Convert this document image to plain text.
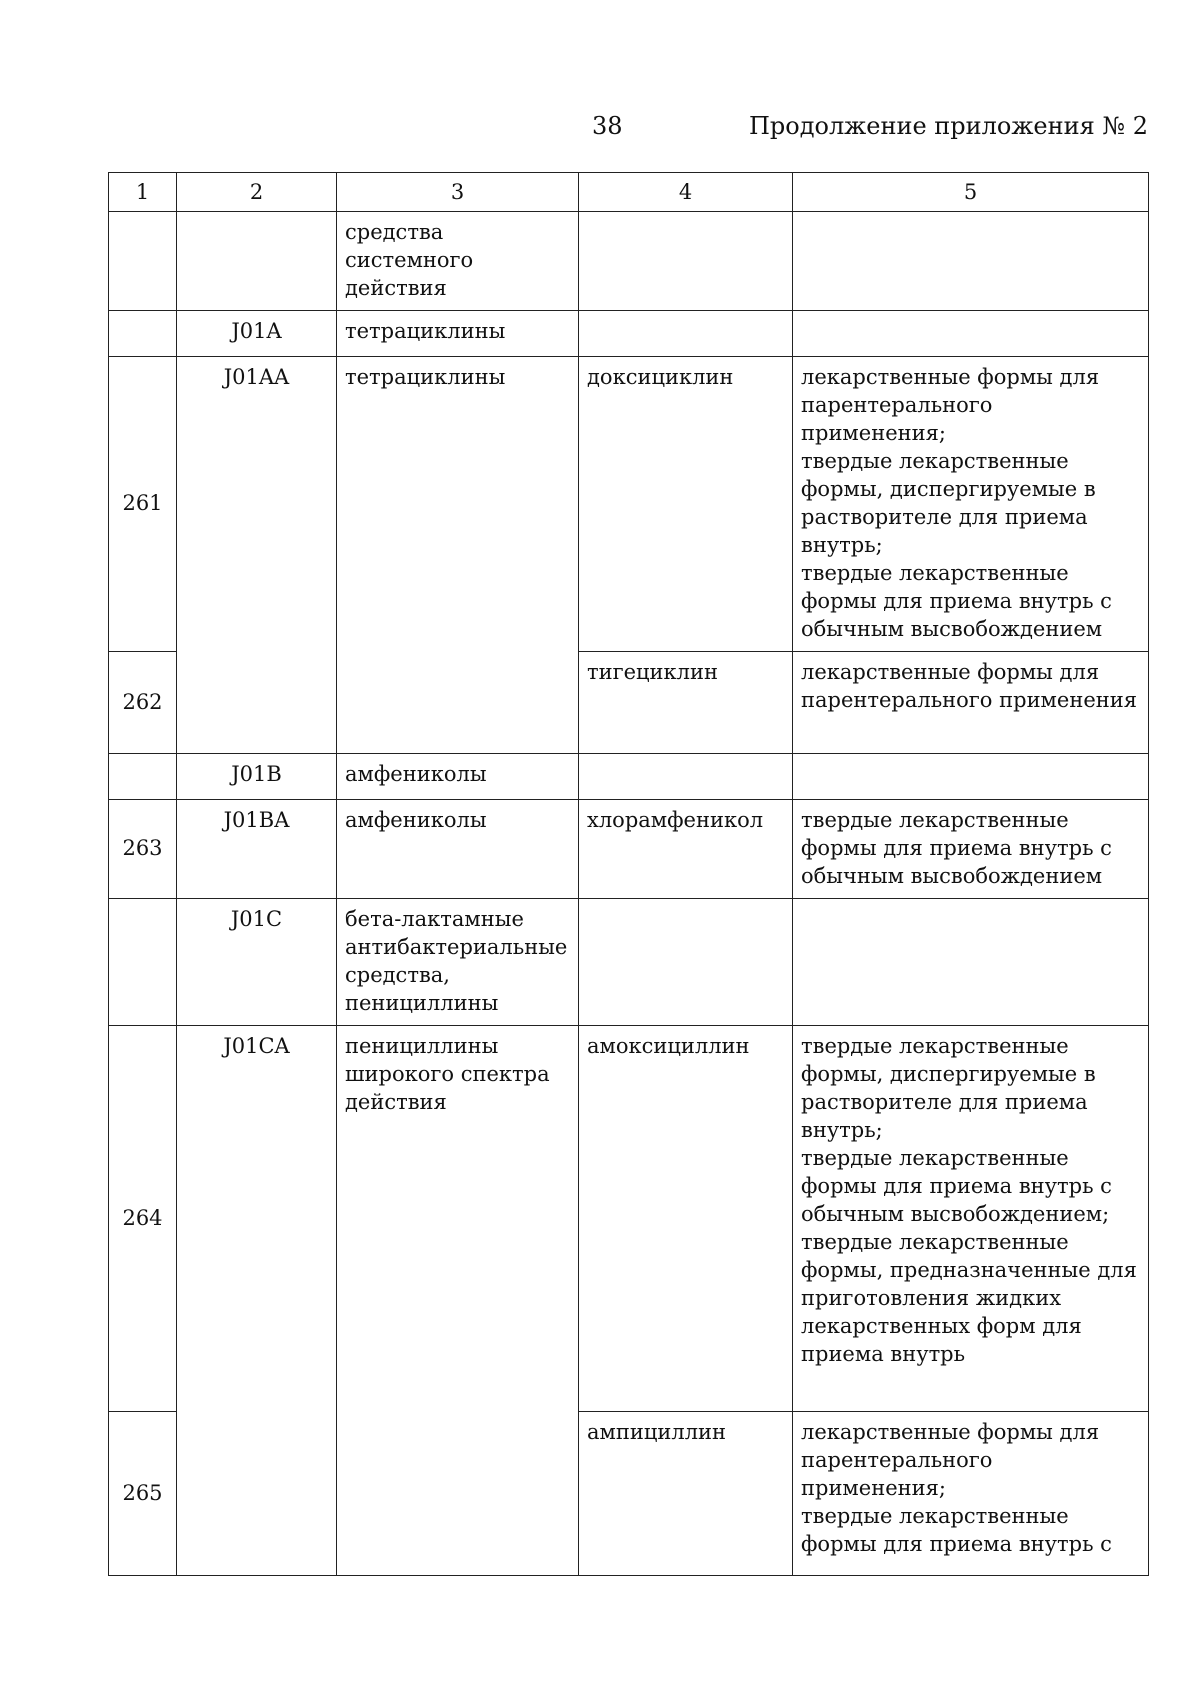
38	Продолжение приложения № 2
1	2	3	4	5
		средства системного действия		
	J01A	тетрациклины		
261	J01AA	тетрациклины	доксициклин	лекарственные формы для парентерального применения;
твердые лекарственные формы, диспергируемые в растворителе для приема внутрь;
твердые лекарственные формы для приема внутрь с обычным высвобождением
262			тигециклин	лекарственные формы для парентерального применения
	J01B	амфениколы		
263	J01BA	амфениколы	хлорамфеникол	твердые лекарственные формы для приема внутрь с обычным высвобождением
	J01C	бета-лактамные антибактериальные средства, пенициллины		
264	J01CA	пенициллины широкого спектра действия	амоксициллин	твердые лекарственные формы, диспергируемые в растворителе для приема внутрь;
твердые лекарственные формы для приема внутрь с обычным высвобождением;
твердые лекарственные формы, предназначенные для приготовления жидких лекарственных форм для приема внутрь
265			ампициллин	лекарственные формы для парентерального применения;
твердые лекарственные формы для приема внутрь с
